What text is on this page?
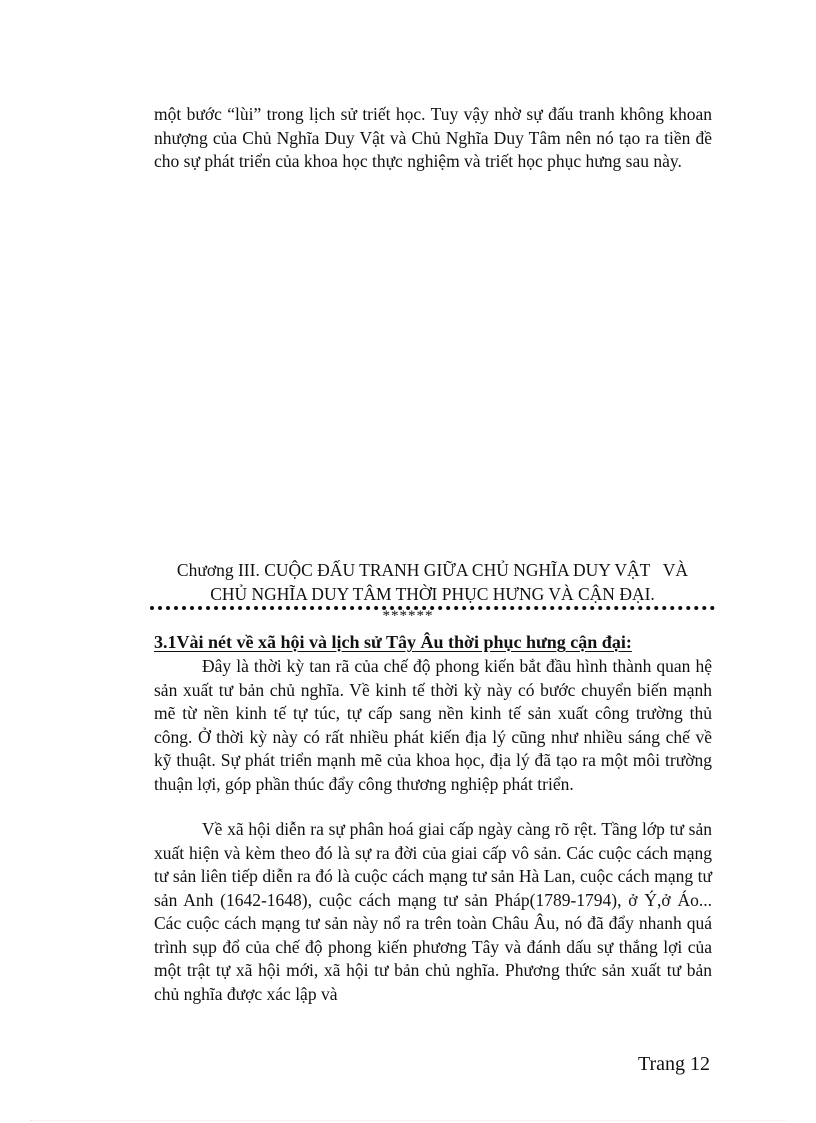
một bước “lùi” trong lịch sử triết học. Tuy vậy nhờ sự đấu tranh không khoan nhượng của Chủ Nghĩa Duy Vật và Chủ Nghĩa Duy Tâm nên nó tạo ra tiền đề cho sự phát triển của khoa học thực nghiệm và triết học phục hưng sau này.

Chương III. CUỘC ĐẤU TRANH GIỮA CHỦ NGHĨA DUY VẬT   VÀ
CHỦ NGHĨA DUY TÂM THỜI PHỤC HƯNG VÀ CẬN ĐẠI.

******

3.1Vài nét về xã hội và lịch sử Tây Âu thời phục hưng cận đại:

Đây là thời kỳ tan rã của chế độ phong kiến bắt đầu hình thành quan hệ sản xuất tư bản chủ nghĩa. Về kinh tế thời kỳ này có bước chuyển biến mạnh mẽ từ nền kinh tế tự túc, tự cấp sang nền kinh tế sản xuất công trường thủ công. Ở thời kỳ này có rất nhiều phát kiến địa lý cũng như nhiều sáng chế về kỹ thuật. Sự phát triển mạnh mẽ của khoa học, địa lý đã tạo ra một môi trường thuận lợi, góp phần thúc đẩy công thương nghiệp phát triển.

Về xã hội diễn ra sự phân hoá giai cấp ngày càng rõ rệt. Tầng lớp tư sản xuất hiện và kèm theo đó là sự ra đời của giai cấp vô sản. Các cuộc cách mạng tư sản liên tiếp diễn ra đó là cuộc cách mạng tư sản Hà Lan, cuộc cách mạng tư sản Anh (1642-1648), cuộc cách mạng tư sản Pháp(1789-1794), ở Ý,ở Áo... Các cuộc cách mạng tư sản này nổ ra trên toàn Châu Âu, nó đã đẩy nhanh quá trình sụp đổ của chế độ phong kiến phương Tây và đánh dấu sự thắng lợi của một trật tự xã hội mới, xã hội tư bản chủ nghĩa. Phương thức sản xuất tư bản chủ nghĩa được xác lập và

Trang 12
